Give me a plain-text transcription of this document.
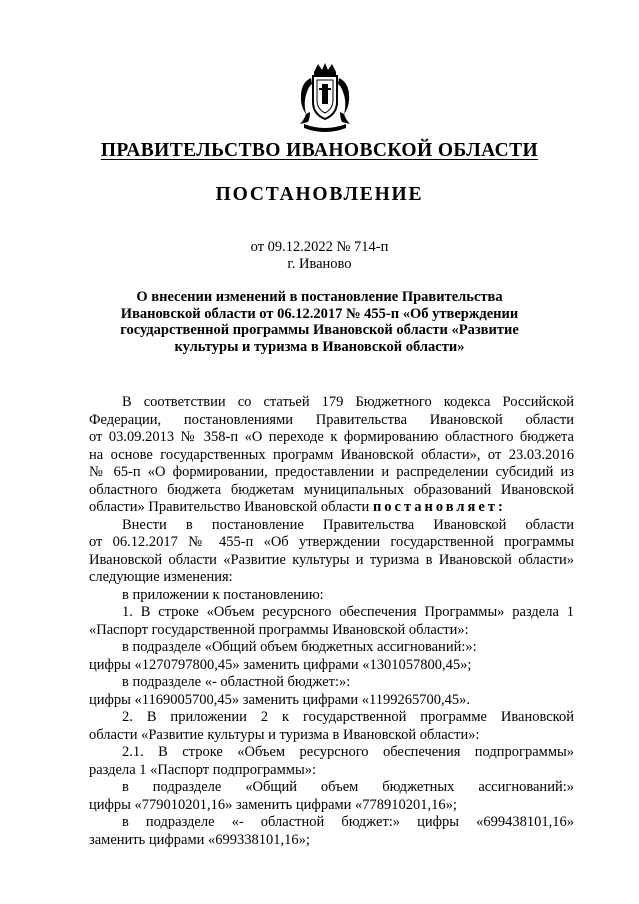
ПРАВИТЕЛЬСТВО ИВАНОВСКОЙ ОБЛАСТИ
ПОСТАНОВЛЕНИЕ
от 09.12.2022 № 714-п
г. Иваново
О внесении изменений в постановление Правительства
Ивановской области от 06.12.2017 № 455-п «Об утверждении
государственной программы Ивановской области «Развитие
культуры и туризма в Ивановской области»
В соответствии со статьей 179 Бюджетного кодекса Российской
Федерации, постановлениями Правительства Ивановской области
от 03.09.2013 № 358-п «О переходе к формированию областного бюджета
на основе государственных программ Ивановской области», от 23.03.2016
№ 65-п «О формировании, предоставлении и распределении субсидий из
областного бюджета бюджетам муниципальных образований Ивановской
области» Правительство Ивановской области постановляет:
Внести в постановление Правительства Ивановской области
от 06.12.2017 № 455-п «Об утверждении государственной программы
Ивановской области «Развитие культуры и туризма в Ивановской области»
следующие изменения:
в приложении к постановлению:
1. В строке «Объем ресурсного обеспечения Программы» раздела 1
«Паспорт государственной программы Ивановской области»:
в подразделе «Общий объем бюджетных ассигнований:»:
цифры «1270797800,45» заменить цифрами «1301057800,45»;
в подразделе «- областной бюджет:»:
цифры «1169005700,45» заменить цифрами «1199265700,45».
2. В приложении 2 к государственной программе Ивановской
области «Развитие культуры и туризма в Ивановской области»:
2.1. В строке «Объем ресурсного обеспечения подпрограммы»
раздела 1 «Паспорт подпрограммы»:
в подразделе «Общий объем бюджетных ассигнований:»
цифры «779010201,16» заменить цифрами «778910201,16»;
в подразделе «- областной бюджет:» цифры «699438101,16»
заменить цифрами «699338101,16»;
